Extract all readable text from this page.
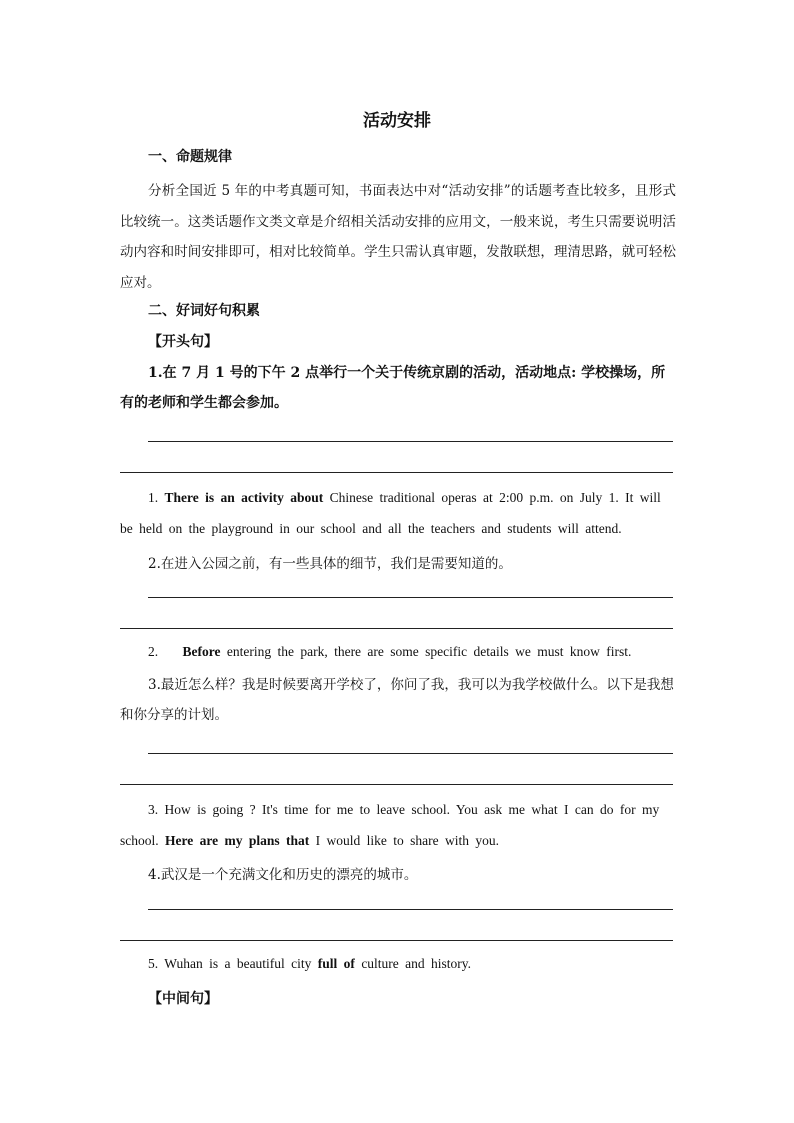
活动安排
一、命题规律
分析全国近 5 年的中考真题可知，书面表达中对“活动安排”的话题考查比较多，且形式比较统一。这类话题作文类文章是介绍相关活动安排的应用文，一般来说，考生只需要说明活动内容和时间安排即可，相对比较简单。学生只需认真审题，发散联想，理清思路，就可轻松应对。
二、好词好句积累
【开头句】
1.在 7 月 1 号的下午 2 点举行一个关于传统京剧的活动，活动地点: 学校操场，所有的老师和学生都会参加。
1. There is an activity about Chinese traditional operas at 2:00 p.m. on July 1. It will be held on the playground in our school and all the teachers and students will attend.
2.在进入公园之前，有一些具体的细节，我们是需要知道的。
2. Before entering the park, there are some specific details we must know first.
3.最近怎么样？我是时候要离开学校了，你问了我，我可以为我学校做什么。以下是我想和你分享的计划。
3. How is going ? It's time for me to leave school. You ask me what I can do for my school. Here are my plans that I would like to share with you.
4.武汉是一个充满文化和历史的漂亮的城市。
5. Wuhan is a beautiful city full of culture and history.
【中间句】
